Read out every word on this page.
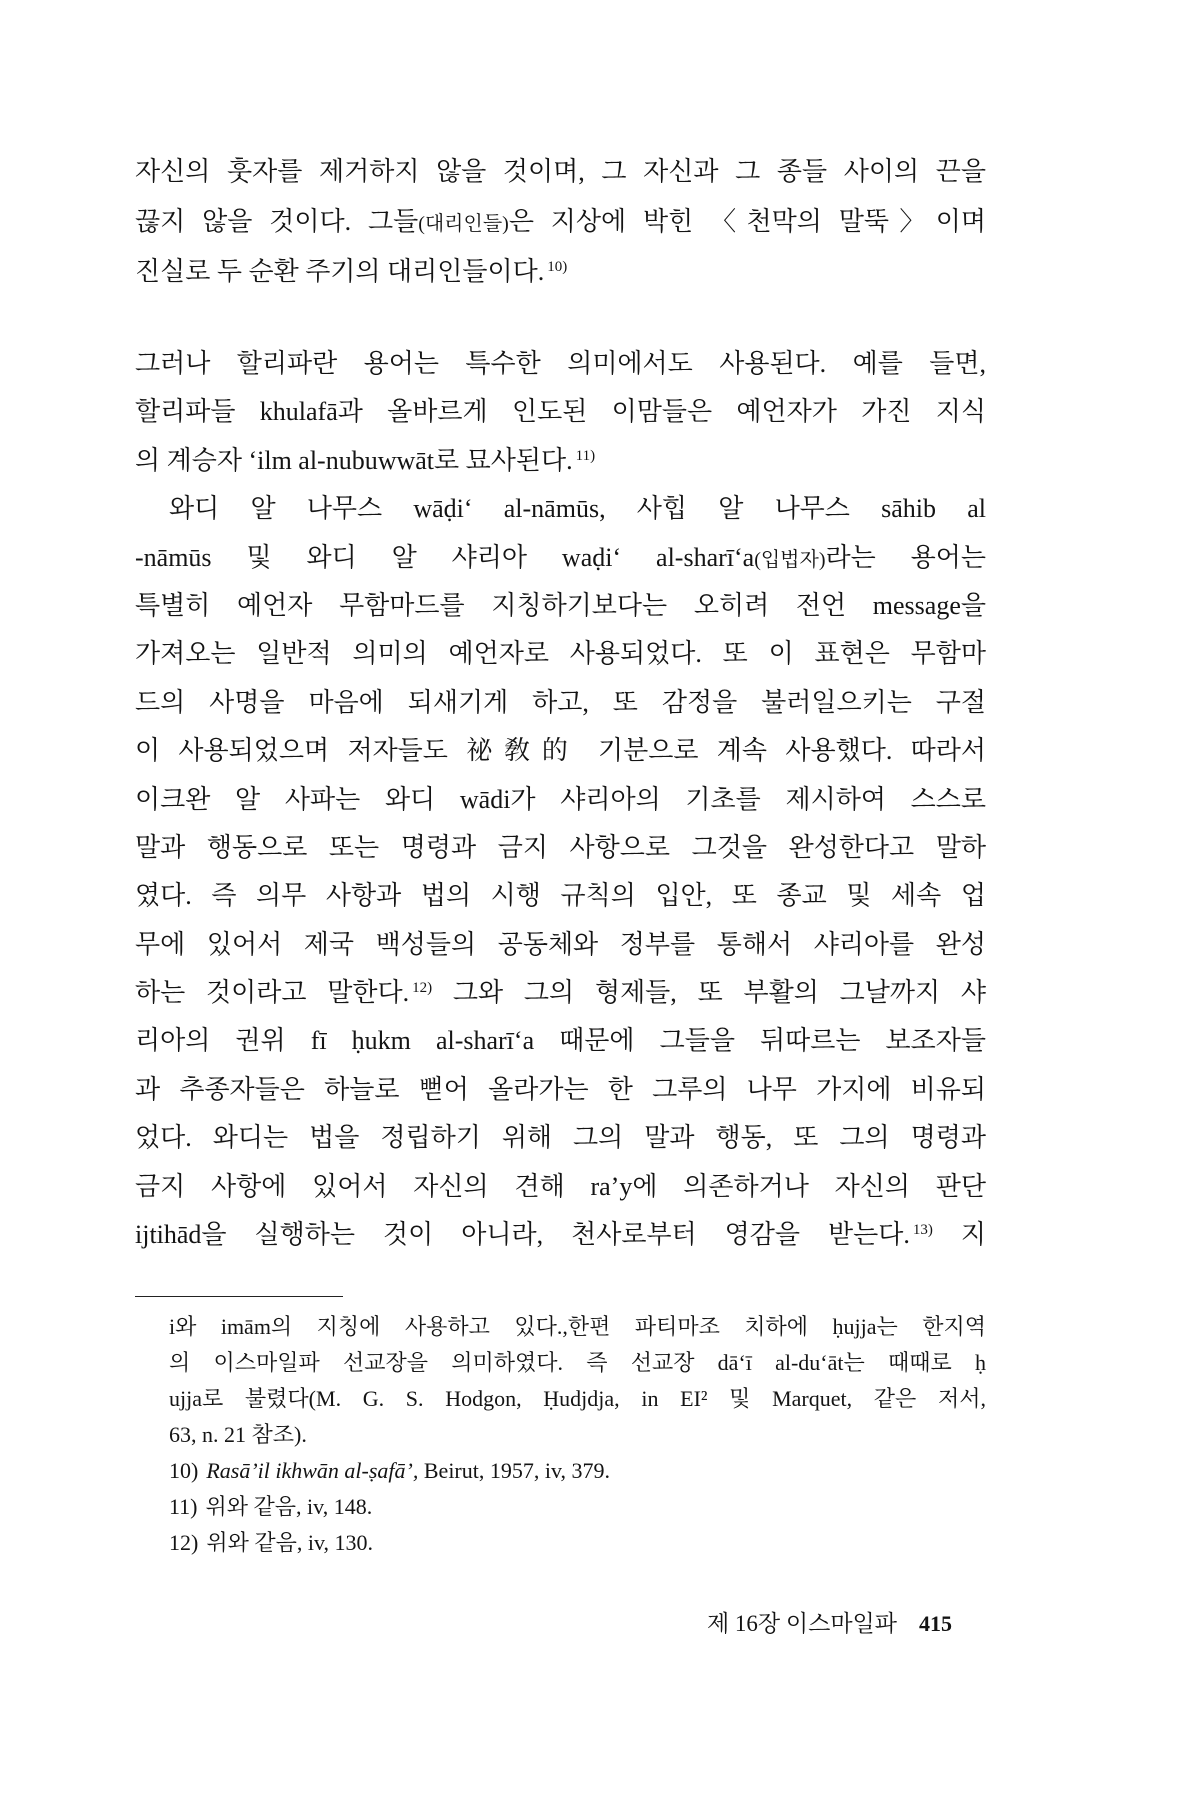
자신의 훗자를 제거하지 않을 것이며, 그 자신과 그 종들 사이의 끈을
끊지 않을 것이다. 그들(대리인들)은 지상에 박힌 〈천막의 말뚝〉이며
진실로 두 순환 주기의 대리인들이다. $^{10)}$
그러나 할리파란 용어는 특수한 의미에서도 사용된다. 예를 들면,
할리파들 khulafā과 올바르게 인도된 이맘들은 예언자가 가진 지식
의 계승자 ‘ilm al-nubuwwāt로 묘사된다. $^{11)}$
와디 알 나무스 wāḍi‘ al-nāmūs, 사힙 알 나무스 sāhib al
-nāmūs 및 와디 알 샤리아 waḍi‘ al-sharī‘a(입법자)라는 용어는
특별히 예언자 무함마드를 지칭하기보다는 오히려 전언 message을
가져오는 일반적 의미의 예언자로 사용되었다. 또 이 표현은 무함마
드의 사명을 마음에 되새기게 하고, 또 감정을 불러일으키는 구절
이 사용되었으며 저자들도 祕敎的 기분으로 계속 사용했다. 따라서
이크완 알 사파는 와디 wādi가 샤리아의 기초를 제시하여 스스로
말과 행동으로 또는 명령과 금지 사항으로 그것을 완성한다고 말하
였다. 즉 의무 사항과 법의 시행 규칙의 입안, 또 종교 및 세속 업
무에 있어서 제국 백성들의 공동체와 정부를 통해서 샤리아를 완성
하는 것이라고 말한다. $^{12)}$ 그와 그의 형제들, 또 부활의 그날까지 샤
리아의 권위 fī ḥukm al-sharī‘a 때문에 그들을 뒤따르는 보조자들
과 추종자들은 하늘로 뻗어 올라가는 한 그루의 나무 가지에 비유되
었다. 와디는 법을 정립하기 위해 그의 말과 행동, 또 그의 명령과
금지 사항에 있어서 자신의 견해 ra’y에 의존하거나 자신의 판단
ijtihād을 실행하는 것이 아니라, 천사로부터 영감을 받는다. $^{13)}$ 지
i와 imām의 지칭에 사용하고 있다.,한편 파티마조 치하에 ḥujja는 한지역
의 이스마일파 선교장을 의미하였다. 즉 선교장 dā‘ī al-du‘āt는 때때로 ḥ
ujja로 불렸다(M. G. S. Hodgon, Ḥudjdja, in EI² 및 Marquet, 같은 저서,
63, n. 21 참조).
10) Rasā’il ikhwān al-ṣafā’, Beirut, 1957, iv, 379.
11) 위와 같음, iv, 148.
12) 위와 같음, iv, 130.
제 16장 이스마일파 415
